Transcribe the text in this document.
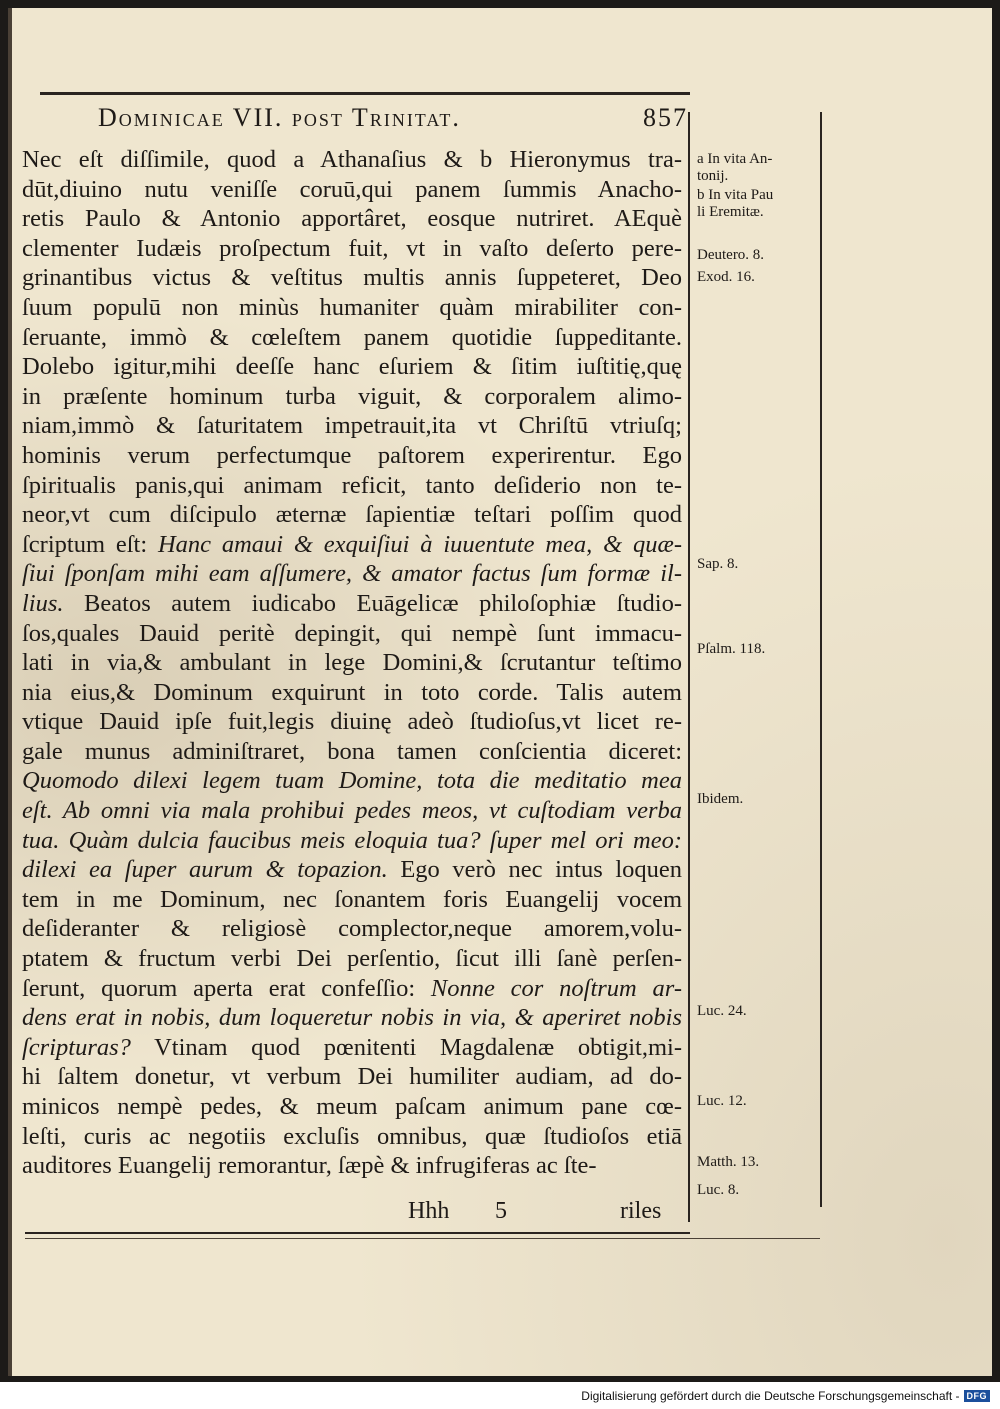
Dominicae VII. post Trinitat.	857
Nec eſt diſſimile, quod a Athanaſius & b Hieronymus tra-
dūt,diuino nutu veniſſe coruū,qui panem ſummis Anacho-
retis Paulo & Antonio apportâret, eosque nutriret. AEquè
clementer Iudæis proſpectum fuit, vt in vaſto deſerto pere-
grinantibus victus & veſtitus multis annis ſuppeteret, Deo
ſuum populū non minùs humaniter quàm mirabiliter con-
ſeruante, immò & cœleſtem panem quotidie ſuppeditante.
Dolebo igitur,mihi deeſſe hanc eſuriem & ſitim iuſtitię,quę
in præſente hominum turba viguit, & corporalem alimo-
niam,immò & ſaturitatem impetrauit,ita vt Chriſtū vtriuſq;
hominis verum perfectumque paſtorem experirentur. Ego
ſpiritualis panis,qui animam reficit, tanto deſiderio non te-
neor,vt cum diſcipulo æternæ ſapientiæ teſtari poſſim quod
ſcriptum eſt: Hanc amaui & exquiſiui à iuuentute mea, & quæ-
ſiui ſponſam mihi eam aſſumere, & amator factus ſum formæ il-
lius. Beatos autem iudicabo Euāgelicæ philoſophiæ ſtudio-
ſos,quales Dauid peritè depingit, qui nempè ſunt immacu-
lati in via,& ambulant in lege Domini,& ſcrutantur teſtimo
nia eius,& Dominum exquirunt in toto corde. Talis autem
vtique Dauid ipſe fuit,legis diuinę adeò ſtudioſus,vt licet re-
gale munus adminiſtraret, bona tamen conſcientia diceret:
Quomodo dilexi legem tuam Domine, tota die meditatio mea
eſt. Ab omni via mala prohibui pedes meos, vt cuſtodiam verba
tua. Quàm dulcia faucibus meis eloquia tua? ſuper mel ori meo:
dilexi ea ſuper aurum & topazion. Ego verò nec intus loquen
tem in me Dominum, nec ſonantem foris Euangelij vocem
deſideranter & religiosè complector,neque amorem,volu-
ptatem & fructum verbi Dei perſentio, ſicut illi ſanè perſen-
ſerunt, quorum aperta erat confeſſio: Nonne cor noſtrum ar-
dens erat in nobis, dum loqueretur nobis in via, & aperiret nobis
ſcripturas? Vtinam quod pœnitenti Magdalenæ obtigit,mi-
hi ſaltem donetur, vt verbum Dei humiliter audiam, ad do-
minicos nempè pedes, & meum paſcam animum pane cœ-
leſti, curis ac negotiis excluſis omnibus, quæ ſtudioſos etiā
auditores Euangelij remorantur, ſæpè & infrugiferas ac ſte-
a In vita An-
tonij.
b In vita Pau
li Eremitæ.
Deutero. 8.
Exod. 16.
Sap. 8.
Pſalm. 118.
Ibidem.
Luc. 24.
Luc. 12.
Matth. 13.
Luc. 8.
Hhh 5	riles
Digitalisierung gefördert durch die Deutsche Forschungsgemeinschaft - DFG
